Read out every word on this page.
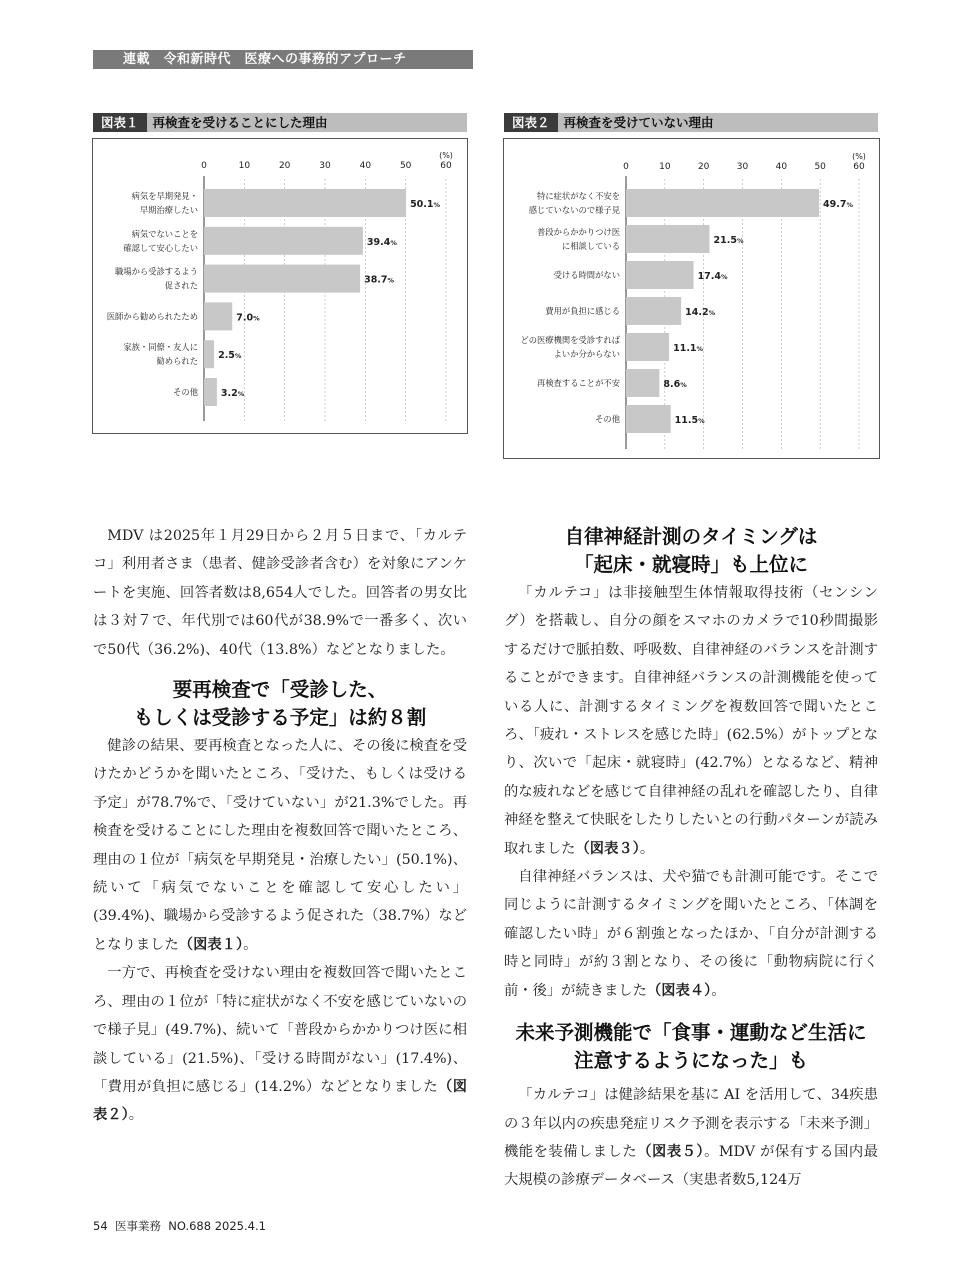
連載　令和新時代　医療への事務的アプローチ
図表１ 再検査を受けることにした理由
0	10	20	30	40	50	60
(%)
50.1%
病気を早期発見・
早期治療したい
39.4%
病気でないことを
確認して安心したい
38.7%
職場から受診するよう
促された
7.0%
医師から勧められたため
2.5%
家族・同僚・友人に
勧められた
3.2%
その他
図表２ 再検査を受けていない理由
0	10	20	30	40	50	60
(%)
49.7%
特に症状がなく不安を
感じていないので様子見
21.5%
普段からかかりつけ医
に相談している
17.4%
受ける時間がない
14.2%
費用が負担に感じる
11.1%
どの医療機関を受診すれば
よいか分からない
8.6%
再検査することが不安
11.5%
その他

MDV は2025年１月29日から２月５日まで、「カルテコ」利用者さま（患者、健診受診者含む）を対象にアンケートを実施、回答者数は8,654人でした。回答者の男女比は３対７で、年代別では60代が38.9%で一番多く、次いで50代（36.2%)、40代（13.8%）などとなりました。

要再検査で「受診した、
もしくは受診する予定」は約８割

健診の結果、要再検査となった人に、その後に検査を受けたかどうかを聞いたところ、「受けた、もしくは受ける予定」が78.7%で、「受けていない」が21.3%でした。再検査を受けることにした理由を複数回答で聞いたところ、理由の１位が「病気を早期発見・治療したい」(50.1%)、続いて「病気でないことを確認して安心したい」(39.4%)、職場から受診するよう促された（38.7%）などとなりました（図表１）。

一方で、再検査を受けない理由を複数回答で聞いたところ、理由の１位が「特に症状がなく不安を感じていないので様子見」(49.7%)、続いて「普段からかかりつけ医に相談している」(21.5%)、「受ける時間がない」(17.4%)、「費用が負担に感じる」(14.2%）などとなりました（図表２）。

自律神経計測のタイミングは
「起床・就寝時」も上位に

「カルテコ」は非接触型生体情報取得技術（センシング）を搭載し、自分の顔をスマホのカメラで10秒間撮影するだけで脈拍数、呼吸数、自律神経のバランスを計測することができます。自律神経バランスの計測機能を使っている人に、計測するタイミングを複数回答で聞いたところ、「疲れ・ストレスを感じた時」(62.5%）がトップとなり、次いで「起床・就寝時」(42.7%）となるなど、精神的な疲れなどを感じて自律神経の乱れを確認したり、自律神経を整えて快眠をしたりしたいとの行動パターンが読み取れました（図表３）。

自律神経バランスは、犬や猫でも計測可能です。そこで同じように計測するタイミングを聞いたところ、「体調を確認したい時」が６割強となったほか、「自分が計測する時と同時」が約３割となり、その後に「動物病院に行く前・後」が続きました（図表４）。

未来予測機能で「食事・運動など生活に
注意するようになった」も

「カルテコ」は健診結果を基に AI を活用して、34疾患の３年以内の疾患発症リスク予測を表示する「未来予測」機能を装備しました（図表５）。MDV が保有する国内最大規模の診療データベース（実患者数5,124万

54 医事業務 NO.688 2025.4.1
